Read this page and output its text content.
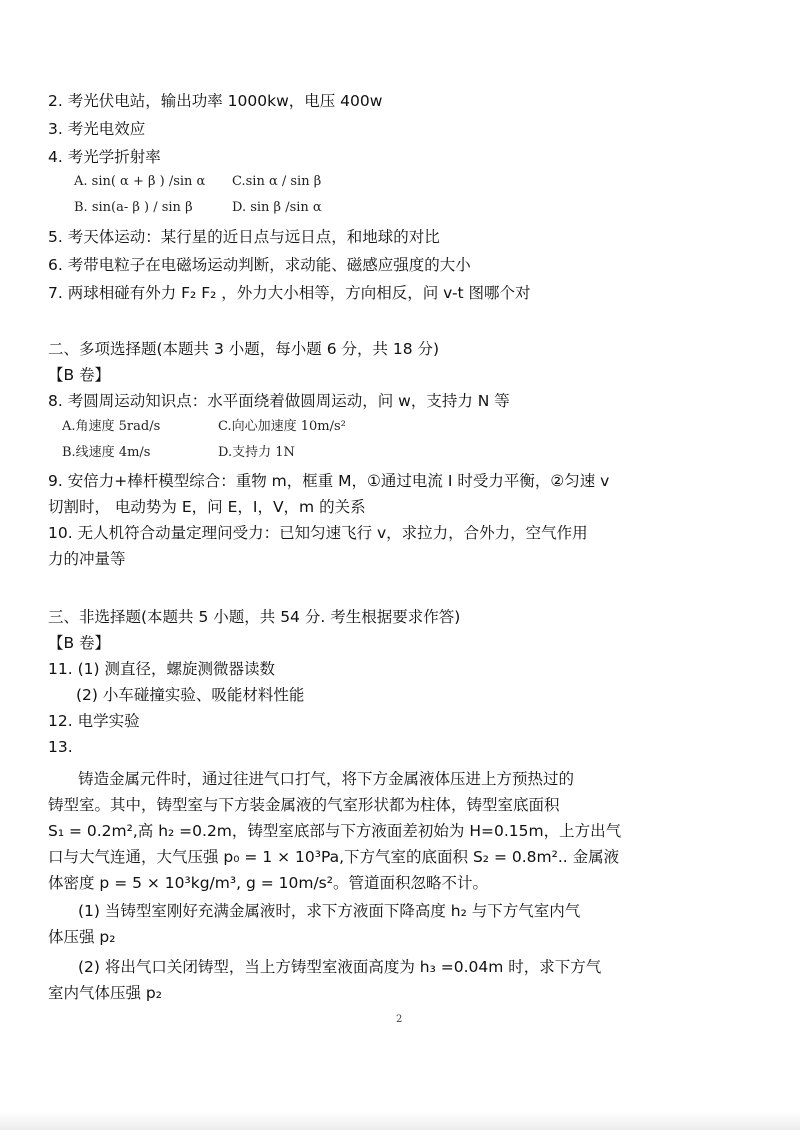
2. 考光伏电站，输出功率 1000kw，电压 400w
3. 考光电效应
4. 考光学折射率
A. sin( α + β ) /sin α C.sin α / sin β
B. sin(a- β ) / sin β	D. sin β /sin α
5. 考天体运动：某行星的近日点与远日点，和地球的对比
6. 考带电粒子在电磁场运动判断，求动能、磁感应强度的大小
7. 两球相碰有外力 F₂ F₂ ，外力大小相等，方向相反，问 v-t 图哪个对
二、多项选择题(本题共 3 小题，每小题 6 分，共 18 分)
【B 卷】
8. 考圆周运动知识点：水平面绕着做圆周运动，问 w，支持力 N 等
A.角速度 5rad/s	C.向心加速度 10m/s²
B.线速度 4m/s	D.支持力 1N
9. 安倍力+棒杆模型综合：重物 m，框重 M，①通过电流 I 时受力平衡，②匀速 v
切割时， 电动势为 E，问 E，I，V，m 的关系
10. 无人机符合动量定理问受力：已知匀速飞行 v，求拉力，合外力，空气作用
力的冲量等
三、非选择题(本题共 5 小题，共 54 分. 考生根据要求作答)
【B 卷】
11. (1) 测直径，螺旋测微器读数
(2) 小车碰撞实验、吸能材料性能
12. 电学实验
13.
铸造金属元件时，通过往进气口打气，将下方金属液体压进上方预热过的
铸型室。其中，铸型室与下方装金属液的气室形状都为柱体，铸型室底面积
S₁ = 0.2m²,高 h₂ =0.2m，铸型室底部与下方液面差初始为 H=0.15m，上方出气
口与大气连通，大气压强 p₀ = 1 × 10³Pa,下方气室的底面积 S₂ = 0.8m².. 金属液
体密度 p = 5 × 10³kg/m³, g = 10m/s²。管道面积忽略不计。
(1) 当铸型室刚好充满金属液时，求下方液面下降高度 h₂ 与下方气室内气
体压强 p₂
(2) 将出气口关闭铸型，当上方铸型室液面高度为 h₃ =0.04m 时，求下方气
室内气体压强 p₂
2
